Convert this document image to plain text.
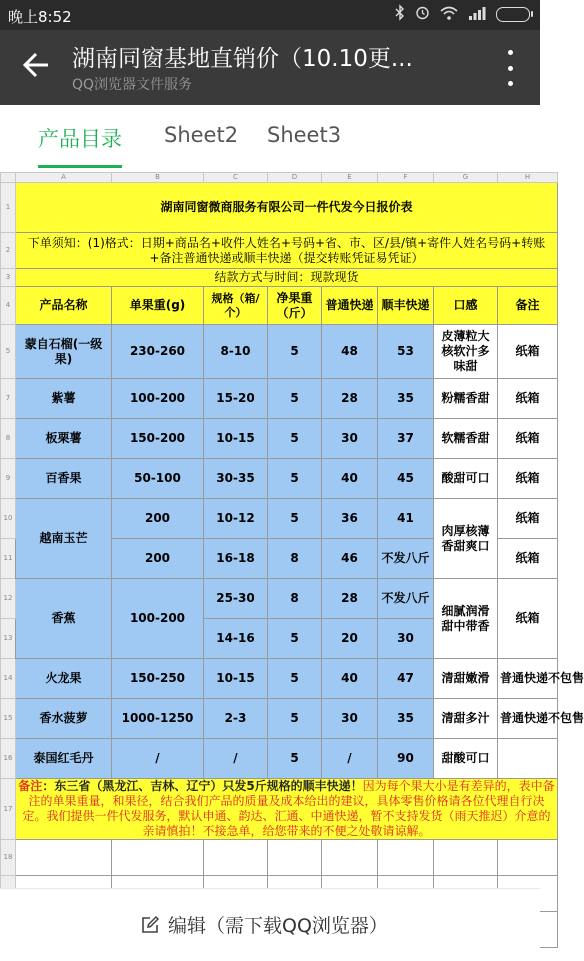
晚上8:52
湖南同窗基地直销价（10.10更...
QQ浏览器文件服务
产品目录 Sheet2 Sheet3
	A	B	C	D	E	F	G	H
1	湖南同窗微商服务有限公司一件代发今日报价表							
2	下单须知：(1)格式：日期+商品名+收件人姓名+号码+省、市、区/县/镇+寄件人姓名号码+转账+备注普通快递或顺丰快递（提交转账凭证易凭证）							
3	结款方式与时间：现款现货							
4	产品名称	单果重(g)	规格（箱/个）	净果重（斤）	普通快递	顺丰快递	口感	备注
5	蒙自石榴(一级果)	230-260	8-10	5	48	53	皮薄粒大核软汁多味甜	纸箱
7	紫薯	100-200	15-20	5	28	35	粉糯香甜	纸箱
8	板栗薯	150-200	10-15	5	30	37	软糯香甜	纸箱
9	百香果	50-100	30-35	5	40	45	酸甜可口	纸箱
10	越南玉芒	200	10-12	5	36	41	肉厚核薄香甜爽口	纸箱
11		200	16-18	8	46	不发八斤		纸箱
12	香蕉	100-200	25-30	8	28	不发八斤	细腻润滑甜中带香	纸箱
13			14-16	5	20	30		
14	火龙果	150-250	10-15	5	40	47	清甜嫩滑	普通快递不包售
15	香水菠萝	1000-1250	2-3	5	30	35	清甜多汁	普通快递不包售
16	泰国红毛丹	/	/	5	/	90	甜酸可口	
17	备注：东三省（黑龙江、吉林、辽宁）只发5斤规格的顺丰快递！因为每个果大小是有差异的，表中备注的单果重量，和果径，结合我们产品的质量及成本给出的建议，具体零售价格请各位代理自行决定。我们提供一件代发服务，默认申通、韵达、汇通、中通快递，暂不支持发货（雨天推迟）介意的亲请慎拍！不接急单，给您带来的不便之处敬请谅解。							
18								

编辑（需下载QQ浏览器）
